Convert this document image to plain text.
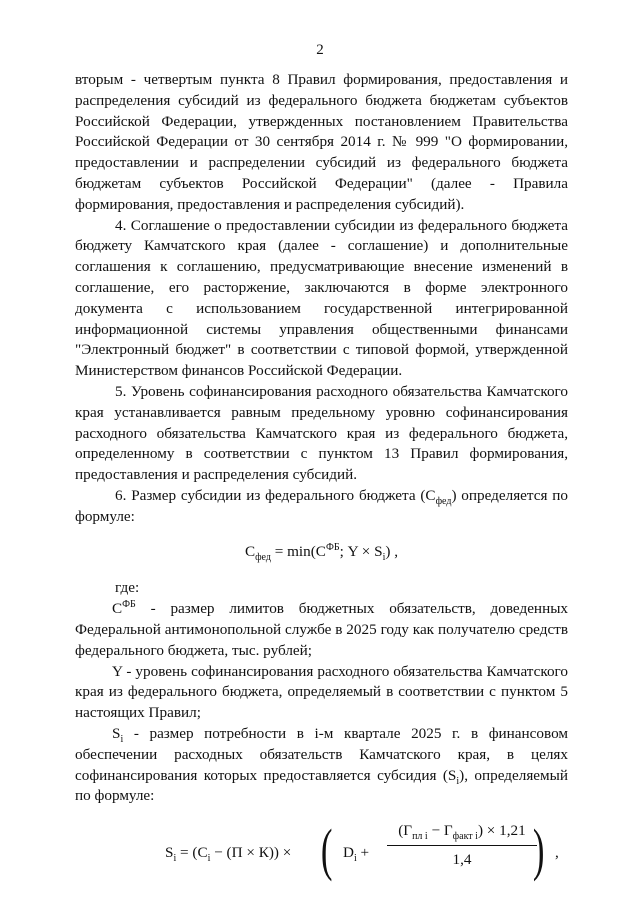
2

вторым - четвертым пункта 8 Правил формирования, предоставления и распределения субсидий из федерального бюджета бюджетам субъектов Российской Федерации, утвержденных постановлением Правительства Российской Федерации от 30 сентября 2014 г. № 999 "О формировании, предоставлении и распределении субсидий из федерального бюджета бюджетам субъектов Российской Федерации" (далее - Правила формирования, предоставления и распределения субсидий).

4. Соглашение о предоставлении субсидии из федерального бюджета бюджету Камчатского края (далее - соглашение) и дополнительные соглашения к соглашению, предусматривающие внесение изменений в соглашение, его расторжение, заключаются в форме электронного документа с использованием государственной интегрированной информационной системы управления общественными финансами "Электронный бюджет" в соответствии с типовой формой, утвержденной Министерством финансов Российской Федерации.

5. Уровень софинансирования расходного обязательства Камчатского края устанавливается равным предельному уровню софинансирования расходного обязательства Камчатского края из федерального бюджета, определенному в соответствии с пунктом 13 Правил формирования, предоставления и распределения субсидий.

6. Размер субсидии из федерального бюджета $(С_{фед})$ определяется по формуле:

$С_{фед} = \min(С^{ФБ}$; $Y \times S_i$) ,

где:

$С^{ФБ}$ - размер лимитов бюджетных обязательств, доведенных Федеральной антимонопольной службе в 2025 году как получателю средств федерального бюджета, тыс. рублей;

Y - уровень софинансирования расходного обязательства Камчатского края из федерального бюджета, определяемый в соответствии с пунктом 5 настоящих Правил;

$S_i$ - размер потребности в i-м квартале 2025 г. в финансовом обеспечении расходных обязательств Камчатского края, в целях софинансирования которых предоставляется субсидия $(S_i)$, определяемый по формуле:

$S_i = (С_i - (П \times К))$ × ( $D_i$ +
$(Г_{пл i} - Г_{факт i}) \times 1,21$
1,4	) ,
